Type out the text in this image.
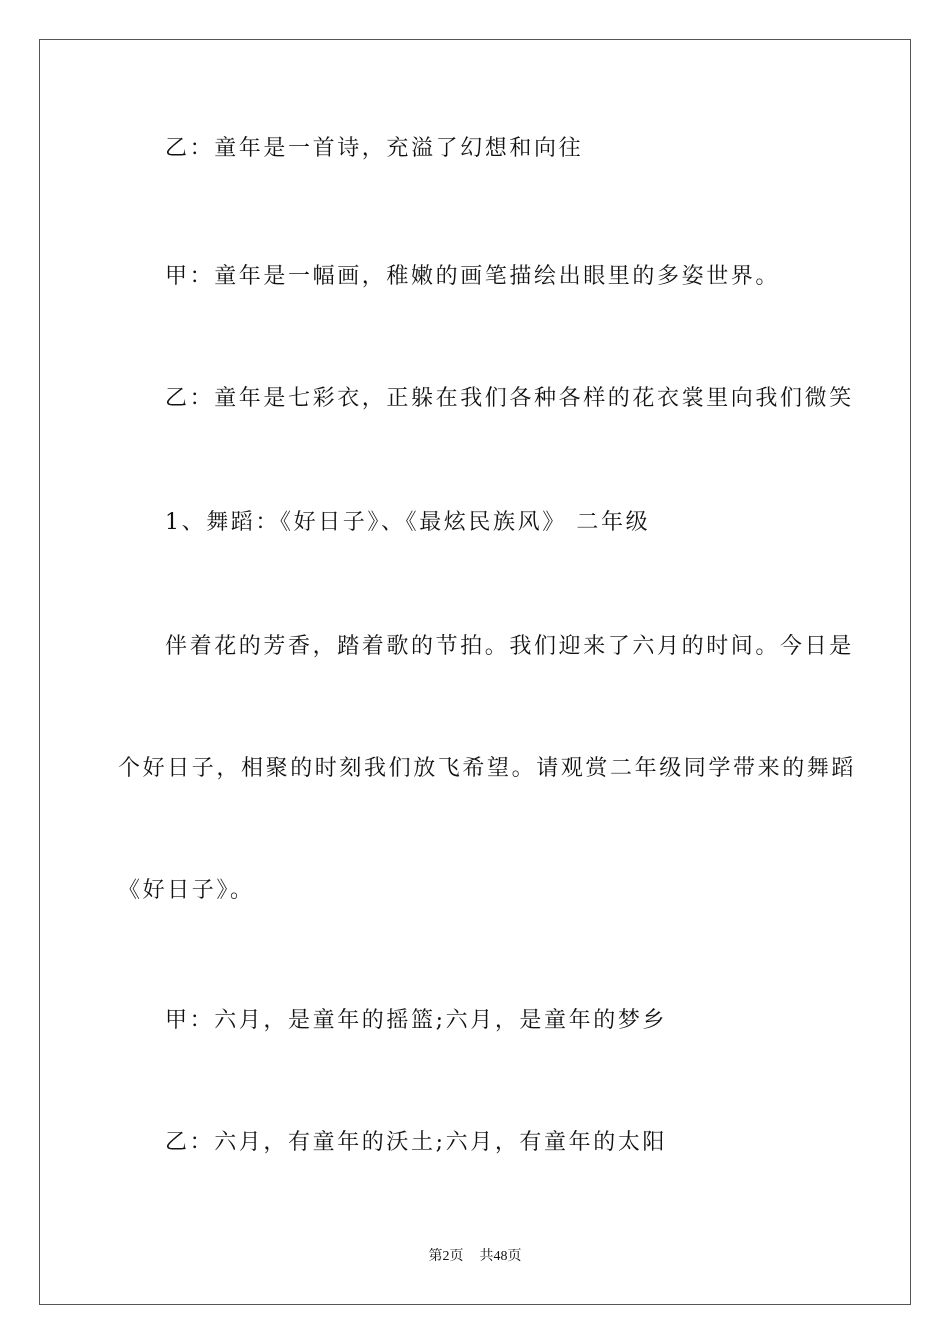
乙：童年是一首诗，充溢了幻想和向往
甲：童年是一幅画，稚嫩的画笔描绘出眼里的多姿世界。
乙：童年是七彩衣，正躲在我们各种各样的花衣裳里向我们微笑
1、舞蹈：《好日子》、《最炫民族风》 二年级
伴着花的芳香，踏着歌的节拍。我们迎来了六月的时间。今日是
个好日子，相聚的时刻我们放飞希望。请观赏二年级同学带来的舞蹈
《好日子》。
甲：六月，是童年的摇篮;六月，是童年的梦乡
乙：六月，有童年的沃土;六月，有童年的太阳
第2页 共48页
